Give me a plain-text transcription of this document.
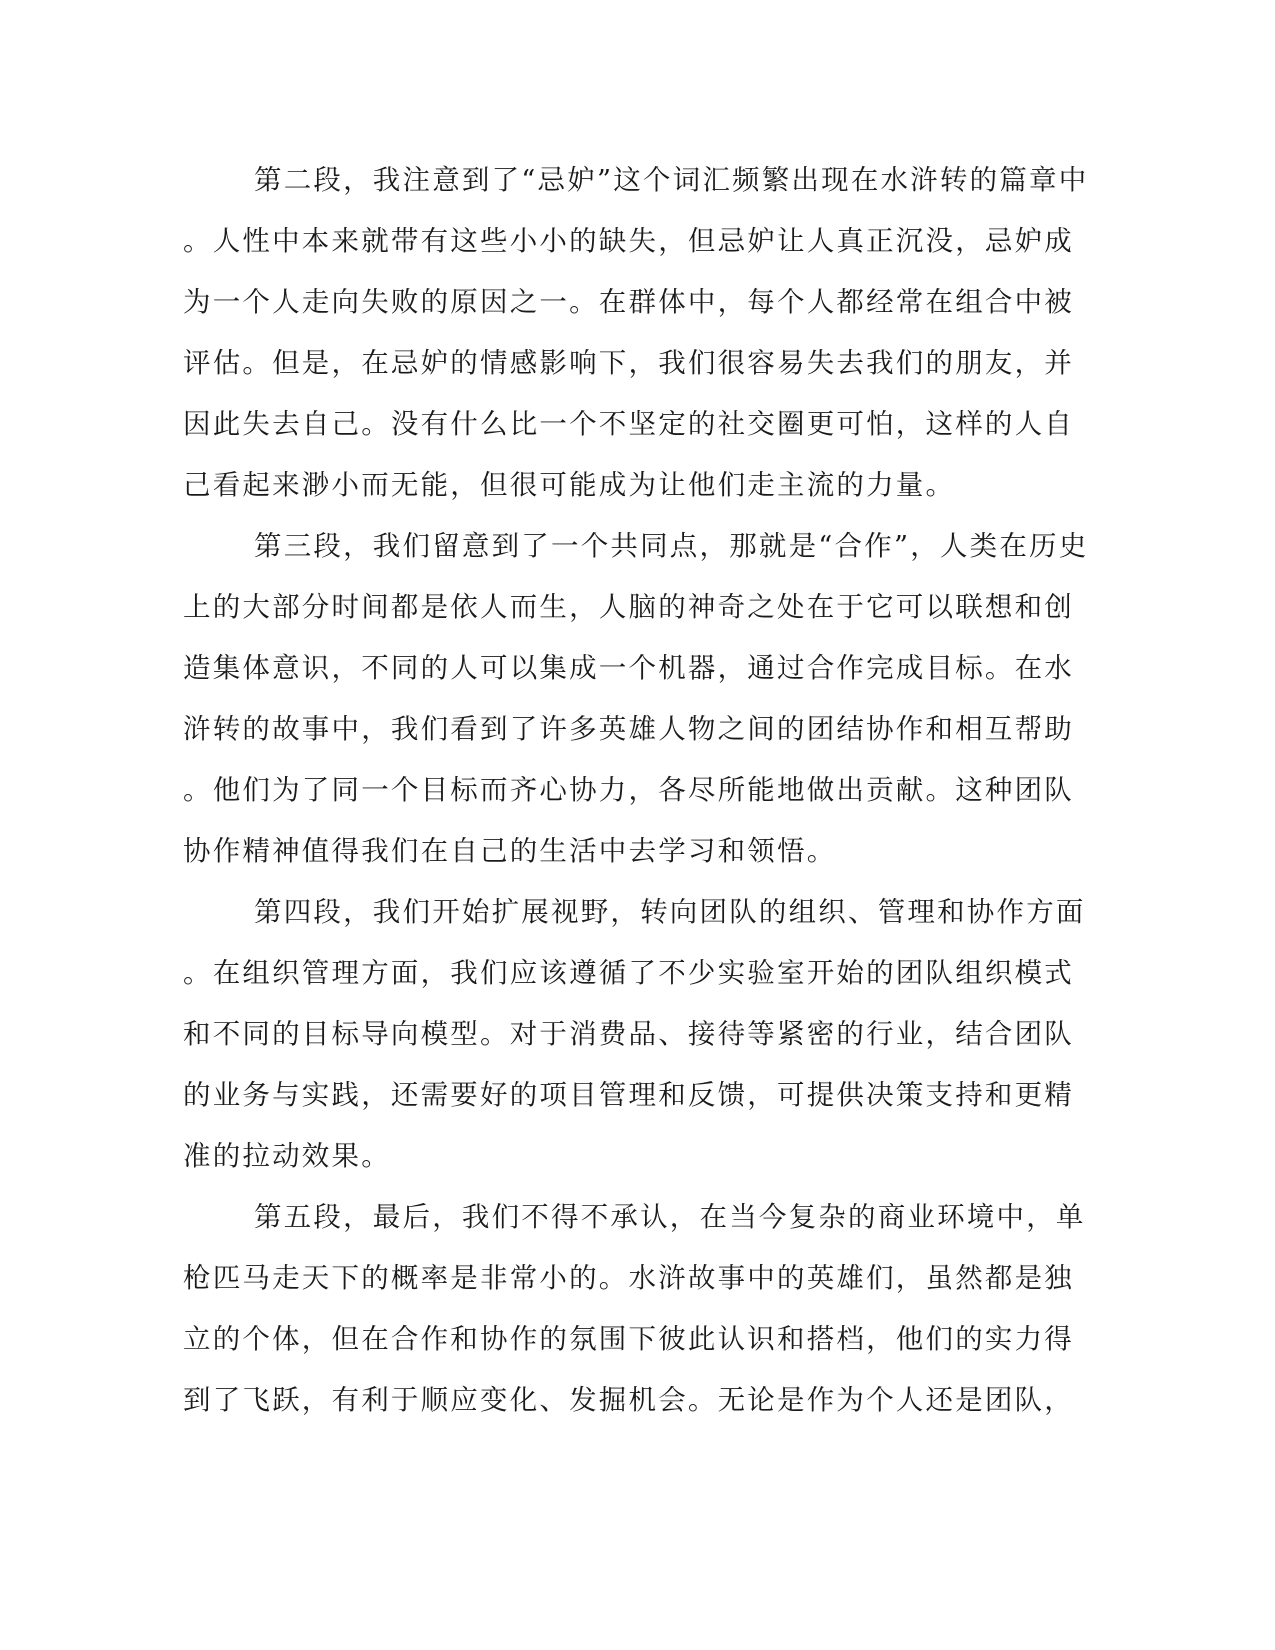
第二段，我注意到了“忌妒”这个词汇频繁出现在水浒转的篇章中
。人性中本来就带有这些小小的缺失，但忌妒让人真正沉没，忌妒成
为一个人走向失败的原因之一。在群体中，每个人都经常在组合中被
评估。但是，在忌妒的情感影响下，我们很容易失去我们的朋友，并
因此失去自己。没有什么比一个不坚定的社交圈更可怕，这样的人自
己看起来渺小而无能，但很可能成为让他们走主流的力量。
第三段，我们留意到了一个共同点，那就是“合作”，人类在历史
上的大部分时间都是依人而生，人脑的神奇之处在于它可以联想和创
造集体意识，不同的人可以集成一个机器，通过合作完成目标。在水
浒转的故事中，我们看到了许多英雄人物之间的团结协作和相互帮助
。他们为了同一个目标而齐心协力，各尽所能地做出贡献。这种团队
协作精神值得我们在自己的生活中去学习和领悟。
第四段，我们开始扩展视野，转向团队的组织、管理和协作方面
。在组织管理方面，我们应该遵循了不少实验室开始的团队组织模式
和不同的目标导向模型。对于消费品、接待等紧密的行业，结合团队
的业务与实践，还需要好的项目管理和反馈，可提供决策支持和更精
准的拉动效果。
第五段，最后，我们不得不承认，在当今复杂的商业环境中，单
枪匹马走天下的概率是非常小的。水浒故事中的英雄们，虽然都是独
立的个体，但在合作和协作的氛围下彼此认识和搭档，他们的实力得
到了飞跃，有利于顺应变化、发掘机会。无论是作为个人还是团队，
